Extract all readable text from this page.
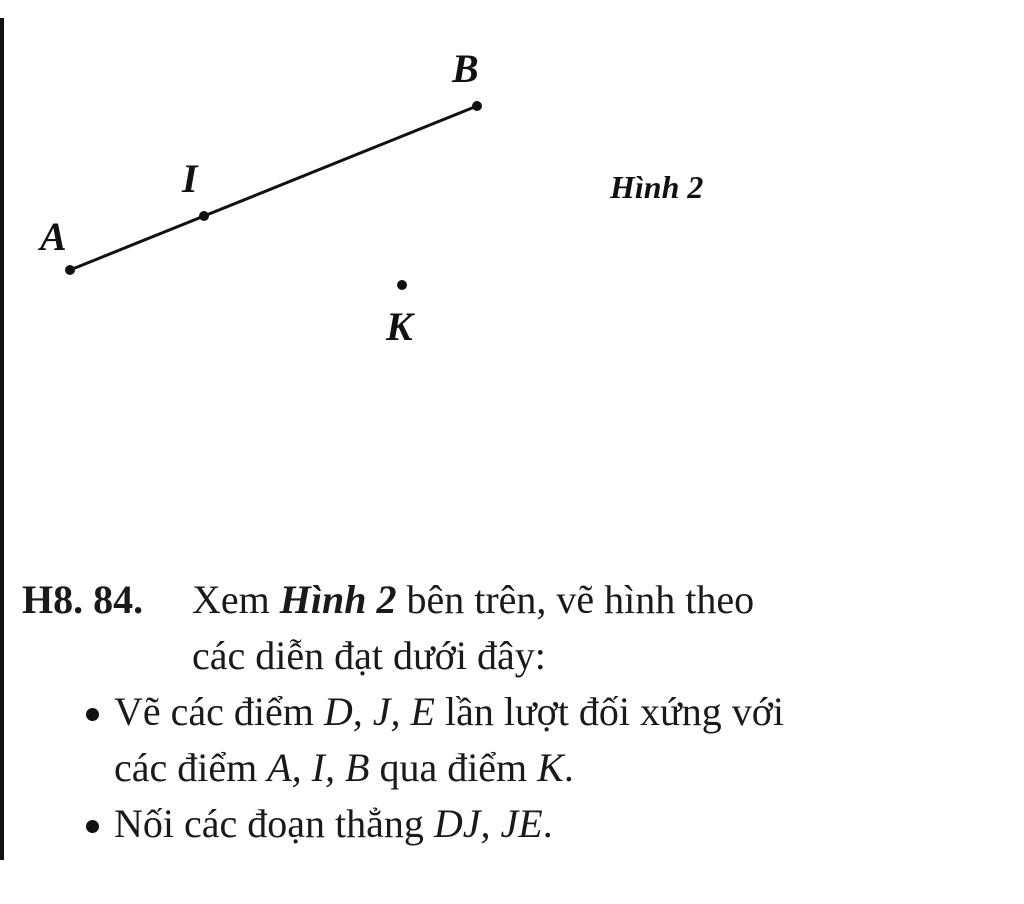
A
I
B
K
Hình 2
H8. 84. Xem Hình 2 bên trên, vẽ hình theo
các diễn đạt dưới đây:
Vẽ các điểm D, J, E lần lượt đối xứng với
các điểm A, I, B qua điểm K.
Nối các đoạn thẳng DJ, JE.
